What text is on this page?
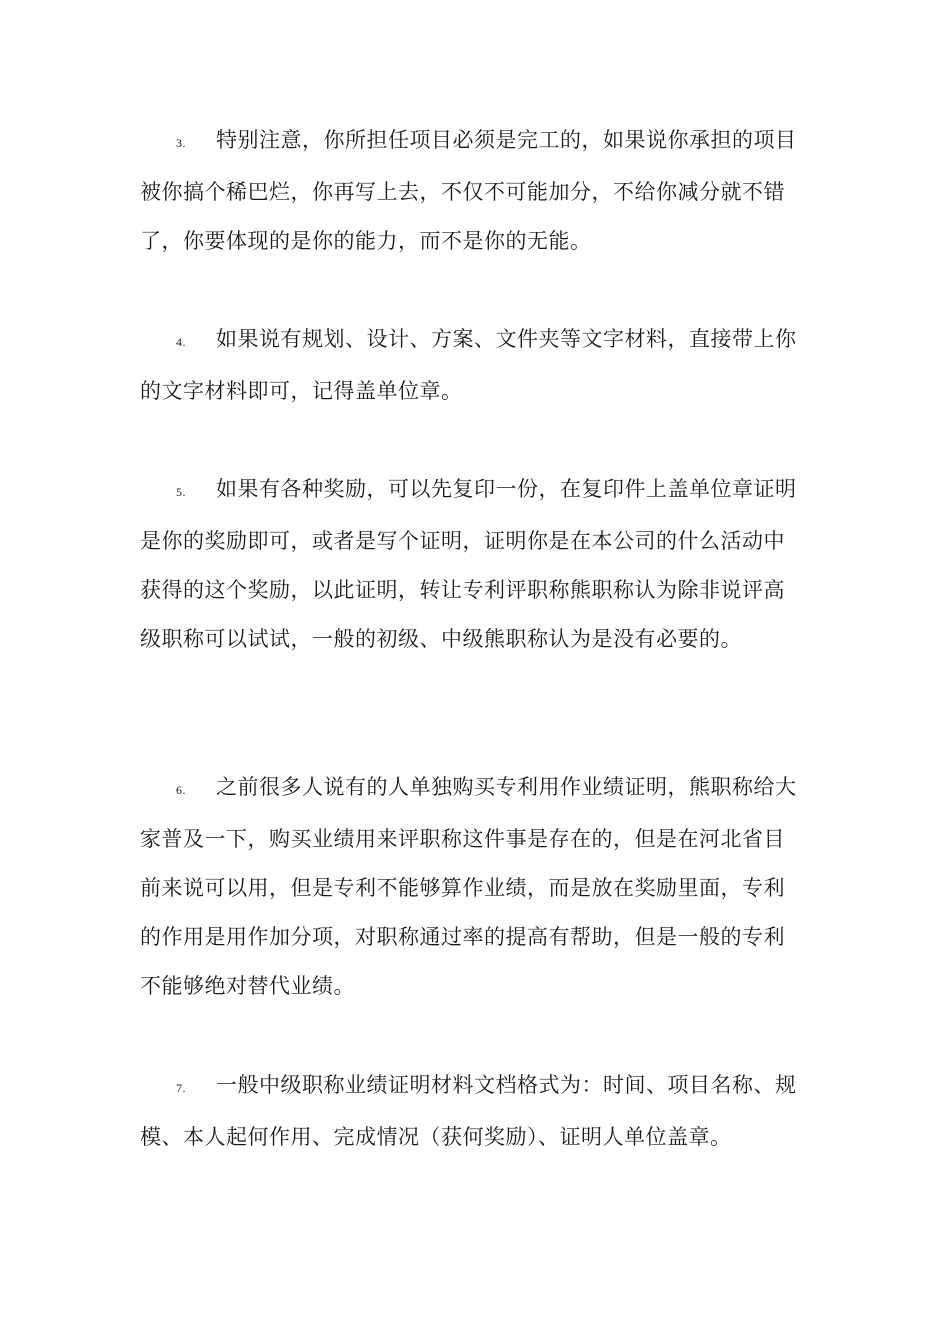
3. 特别注意，你所担任项目必须是完工的，如果说你承担的项目被你搞个稀巴烂，你再写上去，不仅不可能加分，不给你减分就不错了，你要体现的是你的能力，而不是你的无能。

4. 如果说有规划、设计、方案、文件夹等文字材料，直接带上你的文字材料即可，记得盖单位章。

5. 如果有各种奖励，可以先复印一份，在复印件上盖单位章证明是你的奖励即可，或者是写个证明，证明你是在本公司的什么活动中获得的这个奖励，以此证明，转让专利评职称熊职称认为除非说评高级职称可以试试，一般的初级、中级熊职称认为是没有必要的。

6. 之前很多人说有的人单独购买专利用作业绩证明，熊职称给大家普及一下，购买业绩用来评职称这件事是存在的，但是在河北省目前来说可以用，但是专利不能够算作业绩，而是放在奖励里面，专利的作用是用作加分项，对职称通过率的提高有帮助，但是一般的专利不能够绝对替代业绩。

7. 一般中级职称业绩证明材料文档格式为：时间、项目名称、规模、本人起何作用、完成情况（获何奖励）、证明人单位盖章。
